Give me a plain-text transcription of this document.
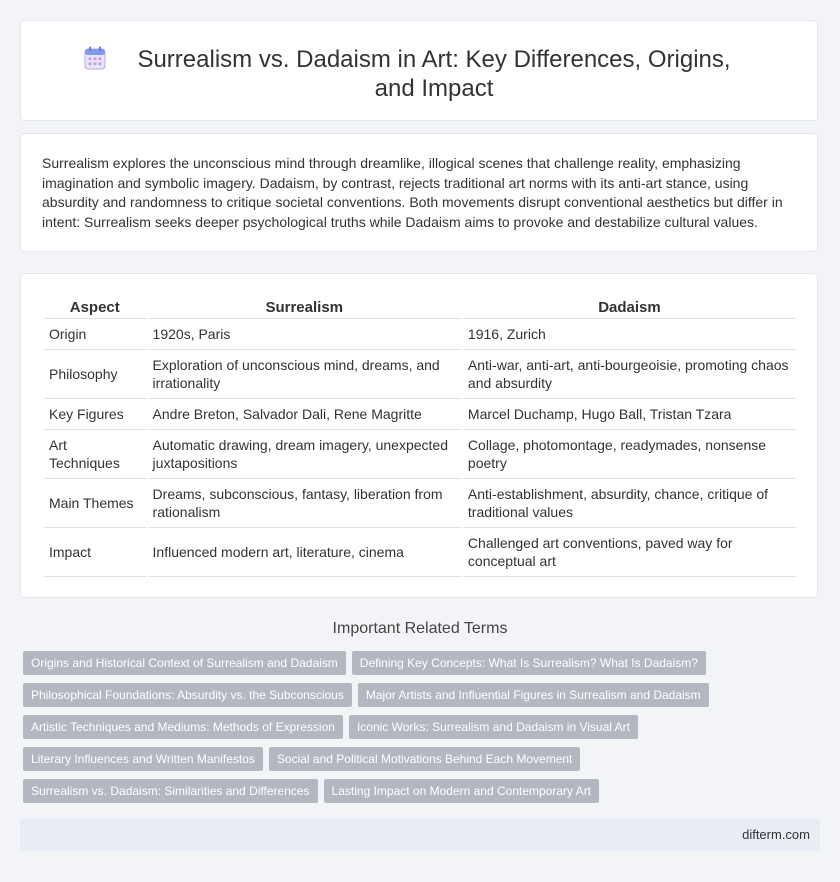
Surrealism vs. Dadaism in Art: Key Differences, Origins, and Impact
Surrealism explores the unconscious mind through dreamlike, illogical scenes that challenge reality, emphasizing imagination and symbolic imagery. Dadaism, by contrast, rejects traditional art norms with its anti-art stance, using absurdity and randomness to critique societal conventions. Both movements disrupt conventional aesthetics but differ in intent: Surrealism seeks deeper psychological truths while Dadaism aims to provoke and destabilize cultural values.
Aspect	Surrealism	Dadaism
Origin	1920s, Paris	1916, Zurich
Philosophy	Exploration of unconscious mind, dreams, and irrationality	Anti-war, anti-art, anti-bourgeoisie, promoting chaos and absurdity
Key Figures	Andre Breton, Salvador Dali, Rene Magritte	Marcel Duchamp, Hugo Ball, Tristan Tzara
Art Techniques	Automatic drawing, dream imagery, unexpected juxtapositions	Collage, photomontage, readymades, nonsense poetry
Main Themes	Dreams, subconscious, fantasy, liberation from rationalism	Anti-establishment, absurdity, chance, critique of traditional values
Impact	Influenced modern art, literature, cinema	Challenged art conventions, paved way for conceptual art
Important Related Terms
Origins and Historical Context of Surrealism and Dadaism Defining Key Concepts: What Is Surrealism? What Is Dadaism?
Philosophical Foundations: Absurdity vs. the Subconscious Major Artists and Influential Figures in Surrealism and Dadaism
Artistic Techniques and Mediums: Methods of Expression Iconic Works: Surrealism and Dadaism in Visual Art
Literary Influences and Written Manifestos Social and Political Motivations Behind Each Movement
Surrealism vs. Dadaism: Similarities and Differences Lasting Impact on Modern and Contemporary Art
difterm.com
